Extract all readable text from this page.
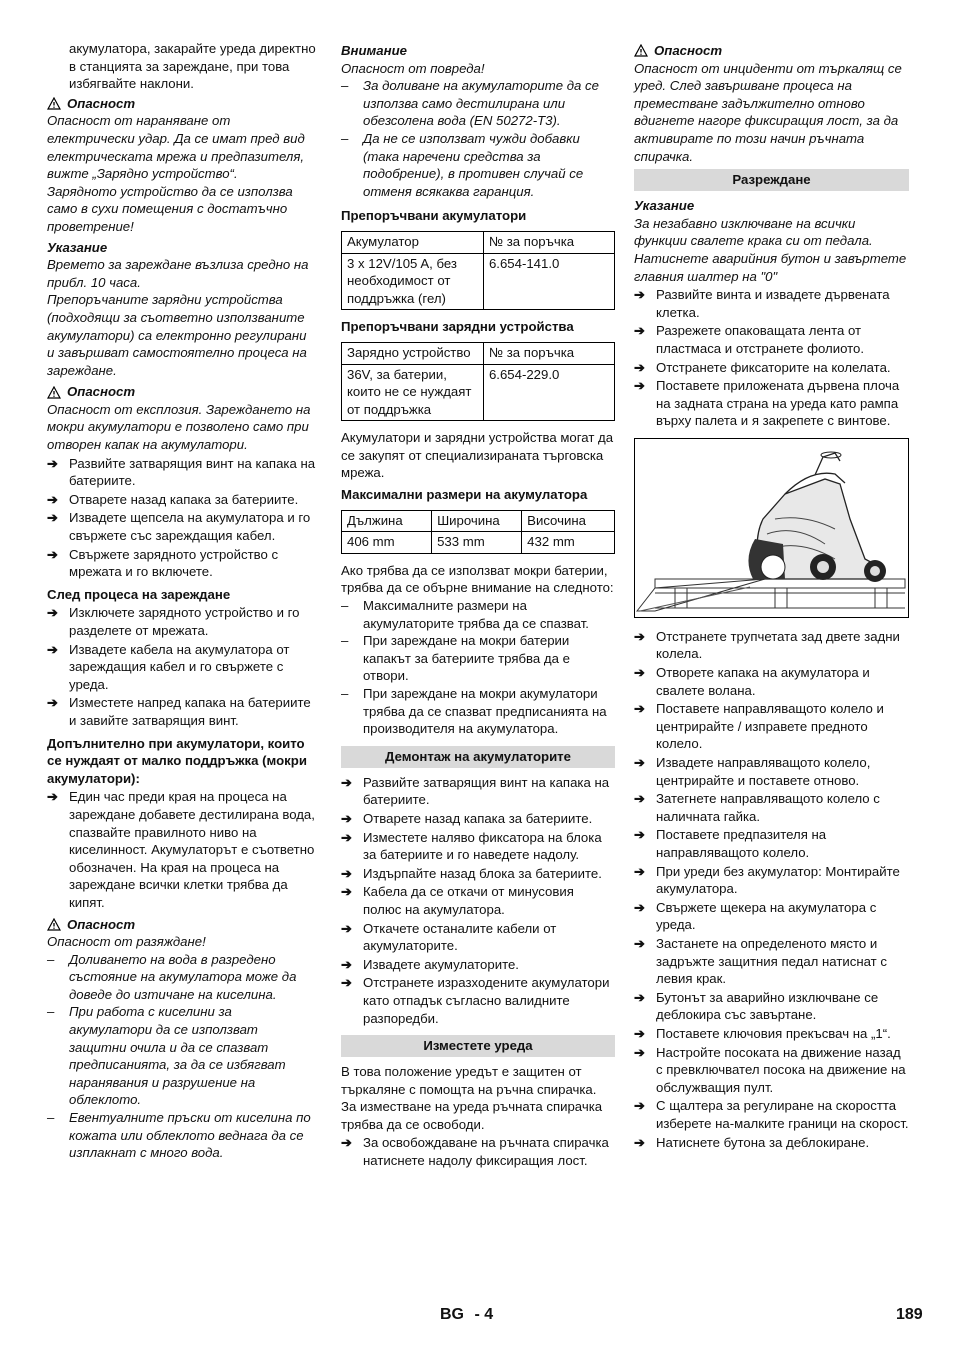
акумулатора, закарайте уреда директно в станцията за зареждане, при това избягвайте наклони.

Опасност

Опасност от нараняване от електрически удар. Да се имат пред вид електрическата мрежа и предпазителя, вижте „Зарядно устройство“.

Зарядното устройство да се използва само в сухи помещения с достатъчно проветрение!

Указание

Времето за зареждане възлиза средно на прибл. 10 часа.

Препоръчаните зарядни устройства (подходящи за съответно използваните акумулатори) са електронно регулирани и завършват самостоятелно процеса на зареждане.

Опасност

Опасност от експлозия. Зареждането на мокри акумулатори е позволено само при отворен капак на акумулатори.

➔ Развийте затварящия винт на капака на батериите.
➔ Отварете назад капака за батериите.
➔ Извадете щепсела на акумулатора и го свържете със зареждащия кабел.
➔ Свържете зарядното устройство с мрежата и го включете.

След процеса на зареждане

➔ Изключете зарядното устройство и го разделете от мрежата.
➔ Извадете кабела на акумулатора от зареждащия кабел и го свържете с уреда.
➔ Изместете напред капака на батериите и завийте затварящия винт.

Допълнително при акумулатори, които се нуждаят от малко поддръжка (мокри акумулатори):

➔ Един час преди края на процеса на зареждане добавете дестилирана вода, спазвайте правилното ниво на киселинност. Акумулаторът е съответно обозначен. На края на процеса на зареждане всички клетки трябва да кипят.
Опасност

Опасност от разяждане!

–	Доливането на вода в разредено състояние на акумулатора може да доведе до изтичане на киселина.
–	При работа с киселини за акумулатори да се използват защитни очила и да се спазват предписанията, за да се избягват наранявания и разрушение на облеклото.
–	Евентуалните пръски от киселина по кожата или облеклото веднага да се изплакнат с много вода.

Внимание

Опасност от повреда!

–	За доливане на акумулаторите да се използва само дестилирана или обезсолена вода (EN 50272-T3).
–	Да не се използват чужди добавки (така наречени средства за подобрение), в противен случай се отменя всякаква гаранция.

Препоръчвани акумулатори

Акумулатор	№ за поръчка
3 x 12V/105 A, без необходимост от поддръжка (гел)	6.654-141.0

Препоръчвани зарядни устройства

Зарядно устройство	№ за поръчка
36V, за батерии, които не се нуждаят от поддръжка	6.654-229.0

Акумулатори и зарядни устройства могат да се закупят от специализираната търговска мрежа.

Максимални размери на акумулатора

Дължина	Широчина	Височина
406 mm	533 mm	432 mm

Ако трябва да се използват мокри батерии, трябва да се обърне внимание на следното:

–	Максималните размери на акумулаторите трябва да се спазват.
–	При зареждане на мокри батерии капакът за батериите трябва да е отвори.
–	При зареждане на мокри акумулатори трябва да се спазват предписанията на производителя на акумулатора.
Демонтаж на акумулаторите
➔ Развийте затварящия винт на капака на батериите.
➔ Отварете назад капака за батериите.
➔ Изместете наляво фиксатора на блока за батериите и го наведете надолу.
➔ Издърпайте назад блока за батериите.
➔ Кабела да се откачи от минусовия полюс на акумулатора.
➔ Откачете останалите кабели от акумулаторите.
➔ Извадете акумулаторите.
➔ Отстранете изразходените акумулатори като отпадък съгласно валидните разпоредби.
Изместете уреда

В това положение уредът е защитен от търкаляне с помощта на ръчна спирачка. За изместване на уреда ръчната спирачка трябва да се освободи.

➔ За освобождаване на ръчната спирачка натиснете надолу фиксиращия лост.
Опасност

Опасност от инциденти от търкалящ се уред. След завършване процеса на преместване задължително отново вдигнете нагоре фиксиращия лост, за да активирате по този начин ръчната спирачка.

Разреждане

Указание

За незабавно изключване на всички функции свалете крака си от педала. Натиснете аварийния бутон и завъртете главния шалтер на "0"

➔ Развийте винта и извадете дървената клетка.
➔ Разрежете опаковащата лента от пластмаса и отстранете фолиото.
➔ Отстранете фиксаторите на колелата.
➔ Поставете приложената дървена плоча на задната страна на уреда като рампа върху палета и я закрепете с винтове.
➔ Отстранете трупчетата зад двете задни колела.
➔ Отворете капака на акумулатора и свалете волана.
➔ Поставете направляващото колело и центрирайте / изправете предното колело.
➔ Извадете направляващото колело, центрирайте и поставете отново.
➔ Затегнете направляващото колело с наличната гайка.
➔ Поставете предпазителя на направляващото колело.
➔ При уреди без акумулатор: Монтирайте акумулатора.
➔ Свържете щекера на акумулатора с уреда.
➔ Застанете на определеното място и задръжте защитния педал натиснат с левия крак.
➔ Бутонът за аварийно изключване се деблокира със завъртане.
➔ Поставете ключовия прекъсвач на „1“.
➔ Настройте посоката на движение назад с превключвател посока на движение на обслужващия пулт.
➔ С щалтера за регулиране на скоростта изберете на-малките граници на скорост.
➔ Натиснете бутона за деблокиране.
BG - 4	189
